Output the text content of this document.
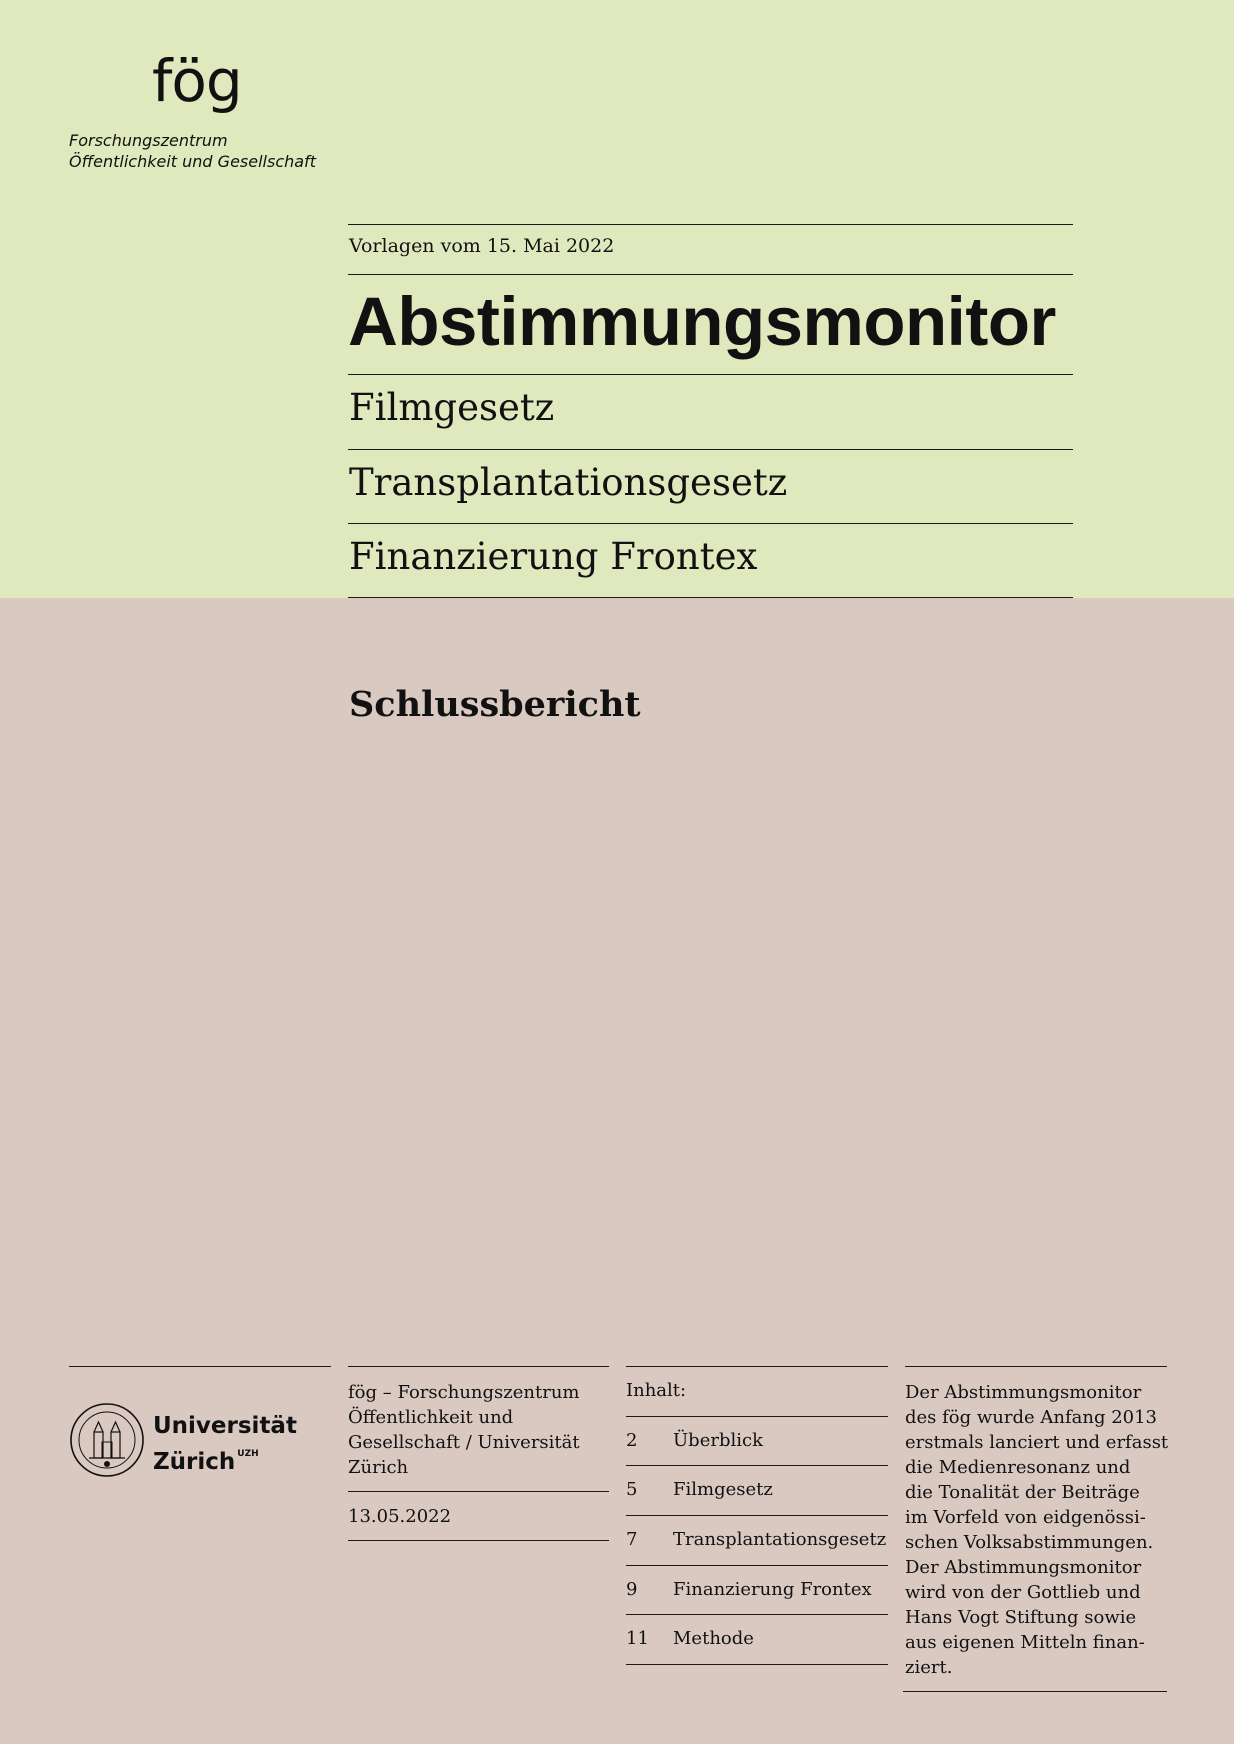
fög
Forschungszentrum
Öffentlichkeit und Gesellschaft
Vorlagen vom 15. Mai 2022
Abstimmungsmonitor
Filmgesetz
Transplantationsgesetz
Finanzierung Frontex
Schlussbericht
Universität
Zürich $^{UZH}$
fög – Forschungszentrum Öffentlichkeit und Gesellschaft / Universität Zürich
13.05.2022
Inhalt:
2 Überblick
5 Filmgesetz
7 Transplantationsgesetz
9 Finanzierung Frontex
11 Methode
Der Abstimmungsmonitor
des fög wurde Anfang 2013
erstmals lanciert und erfasst
die Medienresonanz und
die Tonalität der Beiträge
im Vorfeld von eidgenössi-
schen Volksabstimmungen.
Der Abstimmungsmonitor
wird von der Gottlieb und
Hans Vogt Stiftung sowie
aus eigenen Mitteln finan-
ziert.
